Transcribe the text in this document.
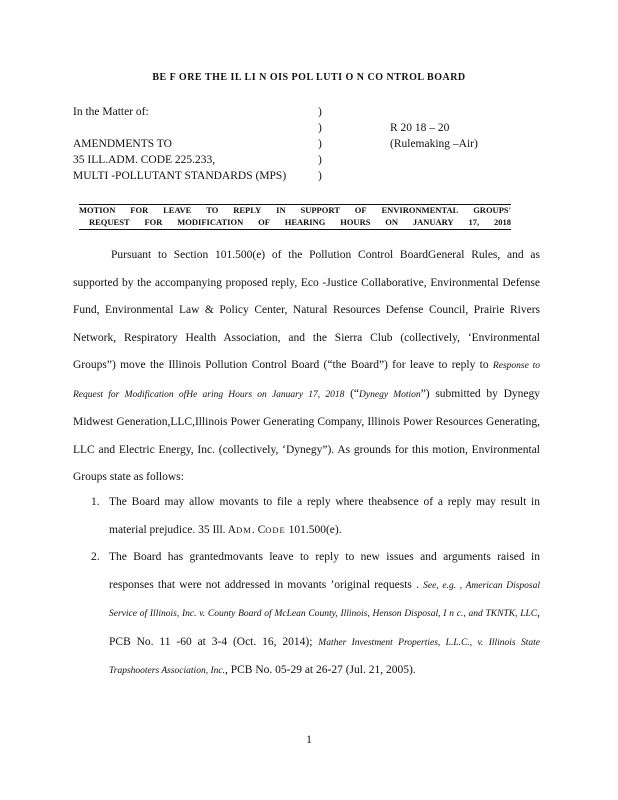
BE F ORE THE IL LI N OIS POL LUTI O N CO NTROL BOARD
In the Matter of:
AMENDMENTS TO
35 ILL.ADM. CODE 225.233,
MULTI -POLLUTANT STANDARDS (MPS)
)
)
)
)
)
R 20 18 – 20
(Rulemaking –Air)
MOTION FOR LEAVE TO REPLY IN SUPPORT OF ENVIRONMENTAL GROUPS'
REQUEST FOR MODIFICATION OF HEARING HOURS ON JANUARY 17, 2018

Pursuant to Section 101.500(e) of the Pollution Control BoardGeneral Rules, and as supported by the accompanying proposed reply, Eco -Justice Collaborative, Environmental Defense Fund, Environmental Law & Policy Center, Natural Resources Defense Council, Prairie Rivers Network, Respiratory Health Association, and the Sierra Club (collectively, ‘Environmental Groups”) move the Illinois Pollution Control Board (“the Board”) for leave to reply to Response to Request for Modification ofHe aring Hours on January 17, 2018 (“Dynegy Motion”) submitted by Dynegy Midwest Generation,LLC,Illinois Power Generating Company, Illinois Power Resources Generating, LLC and Electric Energy, Inc. (collectively, ‘Dynegy”). As grounds for this motion, Environmental Groups state as follows:

1. The Board may allow movants to file a reply where theabsence of a reply may result in material prejudice. 35 Ill. ADM. CODE 101.500(e).
2. The Board has grantedmovants leave to reply to new issues and arguments raised in responses that were not addressed in movants ’original requests . See, e.g. , American Disposal Service of Illinois, Inc. v. County Board of McLean County, Illinois, Henson Disposal, I n c., and TKNTK, LLC, PCB No. 11 -60 at 3-4 (Oct. 16, 2014); Mather Investment Properties, L.L.C., v. Illinois State Trapshooters Association, Inc., PCB No. 05-29 at 26-27 (Jul. 21, 2005).
1
